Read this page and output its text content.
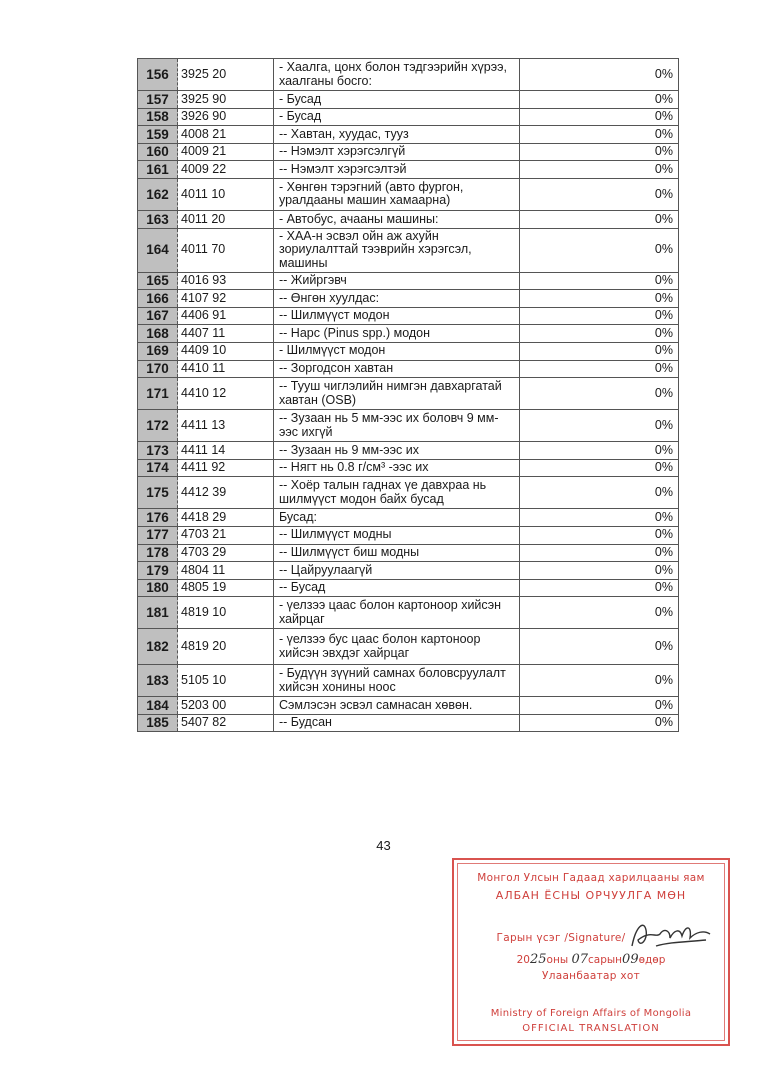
156	3925 20	- Хаалга, цонх болон тэдгээрийн хүрээ, хаалганы босго:	0%
157	3925 90	- Бусад	0%
158	3926 90	- Бусад	0%
159	4008 21	-- Хавтан, хуудас, тууз	0%
160	4009 21	-- Нэмэлт хэрэгсэлгүй	0%
161	4009 22	-- Нэмэлт хэрэгсэлтэй	0%
162	4011 10	- Хөнгөн тэрэгний (авто фургон, уралдааны машин хамаарна)	0%
163	4011 20	- Автобус, ачааны машины:	0%
164	4011 70	- ХАА-н эсвэл ойн аж ахуйн зориулалттай тээврийн хэрэгсэл, машины	0%
165	4016 93	-- Жийргэвч	0%
166	4107 92	-- Өнгөн хуулдас:	0%
167	4406 91	-- Шилмүүст модон	0%
168	4407 11	-- Нарс (Pinus spp.) модон	0%
169	4409 10	- Шилмүүст модон	0%
170	4410 11	-- Зоргодсон хавтан	0%
171	4410 12	-- Тууш чиглэлийн нимгэн давхаргатай хавтан (OSB)	0%
172	4411 13	-- Зузаан нь 5 мм-ээс их боловч 9 мм-ээс ихгүй	0%
173	4411 14	-- Зузаан нь 9 мм-ээс их	0%
174	4411 92	-- Нягт нь 0.8 г/см³ -ээс их	0%
175	4412 39	-- Хоёр талын гаднах үе давхраа нь шилмүүст модон байх бусад	0%
176	4418 29	Бусад:	0%
177	4703 21	-- Шилмүүст модны	0%
178	4703 29	-- Шилмүүст биш модны	0%
179	4804 11	-- Цайруулаагүй	0%
180	4805 19	-- Бусад	0%
181	4819 10	- үелзээ цаас болон картоноор хийсэн хайрцаг	0%
182	4819 20	- үелзээ бус цаас болон картоноор хийсэн эвхдэг хайрцаг	0%
183	5105 10	- Будүүн зүүний самнах боловсруулалт хийсэн хонины ноос	0%
184	5203 00	Сэмлэсэн эсвэл самнасан хөвөн.	0%
185	5407 82	-- Будсан	0%
43
Монгол Улсын Гадаад харилцааны яам
АЛБАН ЁСНЫ ОРЧУУЛГА МӨН
Гарын үсэг /Signature/
2025оны 07сарын09өдөр
Улаанбаатар хот
Ministry of Foreign Affairs of Mongolia
OFFICIAL TRANSLATION
